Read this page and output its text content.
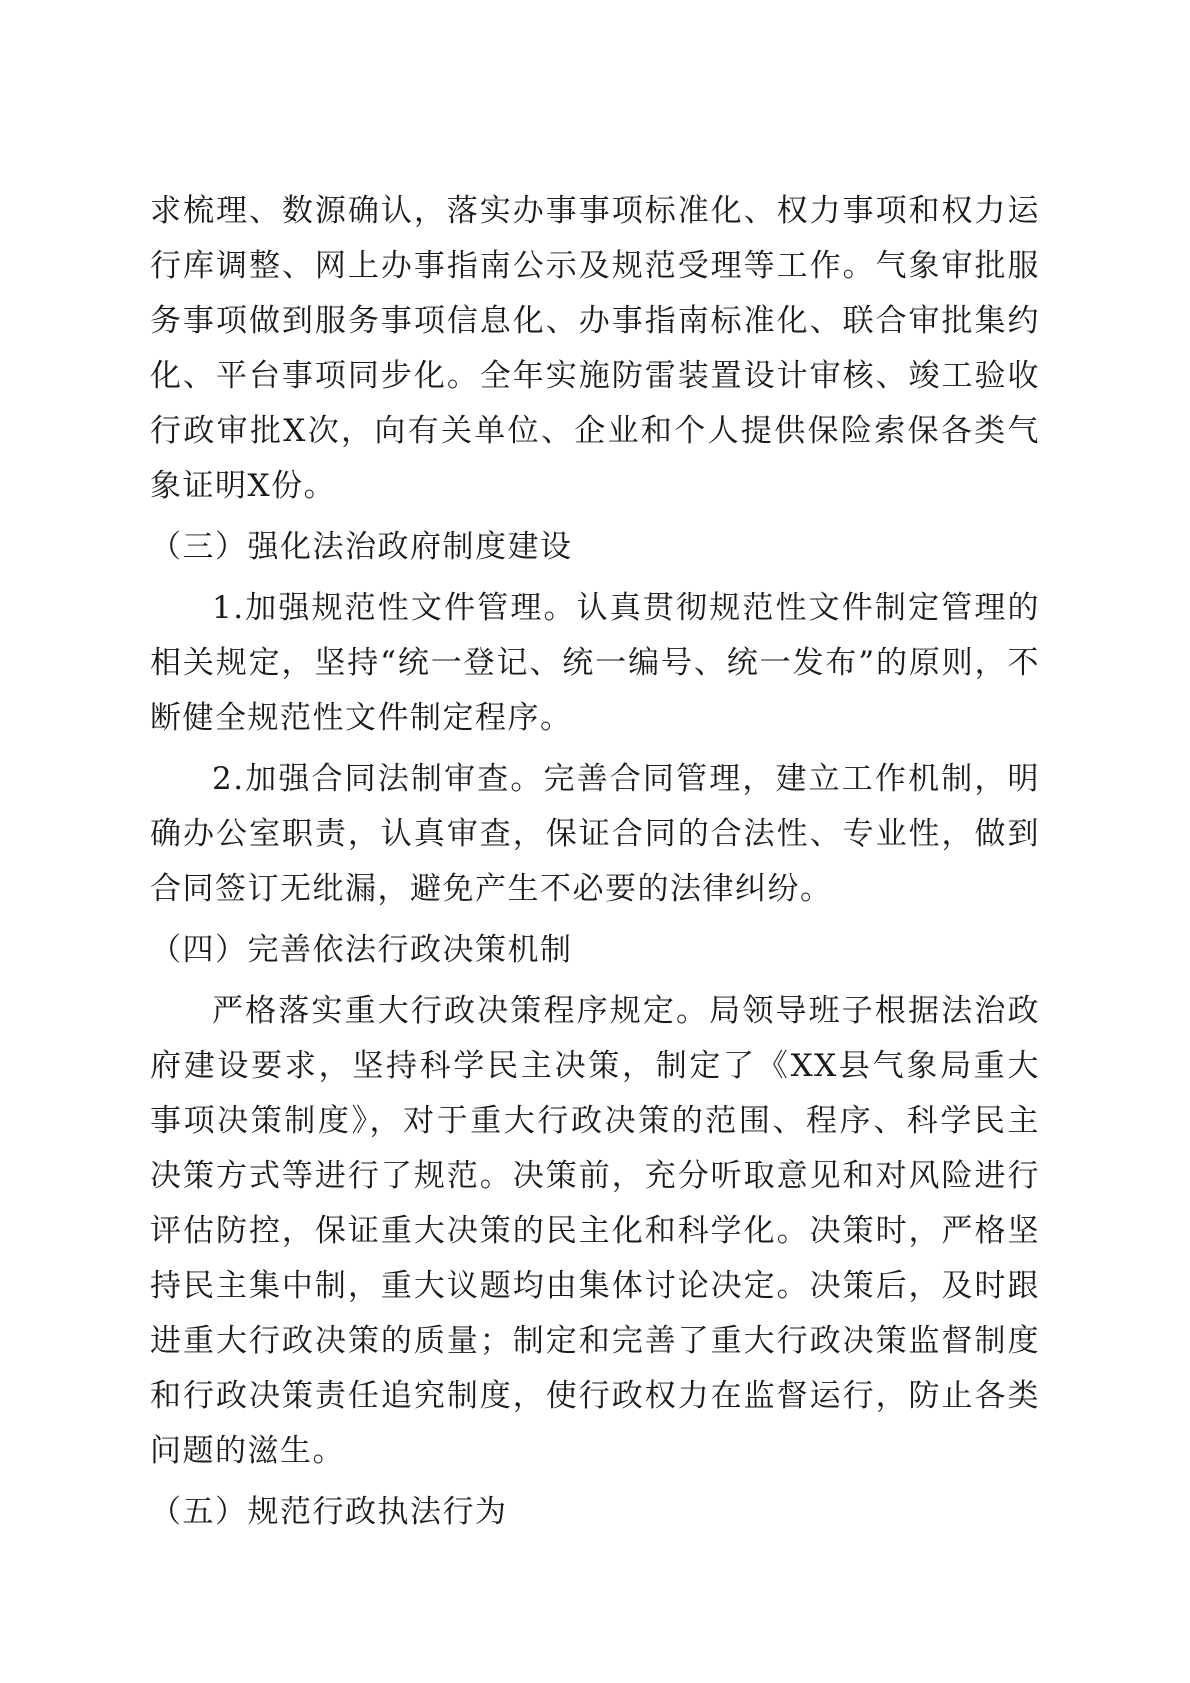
求梳理、数源确认，落实办事事项标准化、权力事项和权力运行库调整、网上办事指南公示及规范受理等工作。气象审批服务事项做到服务事项信息化、办事指南标准化、联合审批集约化、平台事项同步化。全年实施防雷装置设计审核、竣工验收行政审批X次，向有关单位、企业和个人提供保险索保各类气象证明X份。

（三）强化法治政府制度建设

1.加强规范性文件管理。认真贯彻规范性文件制定管理的相关规定，坚持“统一登记、统一编号、统一发布”的原则，不断健全规范性文件制定程序。

2.加强合同法制审查。完善合同管理，建立工作机制，明确办公室职责，认真审查，保证合同的合法性、专业性，做到合同签订无纰漏，避免产生不必要的法律纠纷。

（四）完善依法行政决策机制

严格落实重大行政决策程序规定。局领导班子根据法治政府建设要求，坚持科学民主决策，制定了《XX县气象局重大事项决策制度》，对于重大行政决策的范围、程序、科学民主决策方式等进行了规范。决策前，充分听取意见和对风险进行评估防控，保证重大决策的民主化和科学化。决策时，严格坚持民主集中制，重大议题均由集体讨论决定。决策后，及时跟进重大行政决策的质量；制定和完善了重大行政决策监督制度和行政决策责任追究制度，使行政权力在监督运行，防止各类问题的滋生。

（五）规范行政执法行为
